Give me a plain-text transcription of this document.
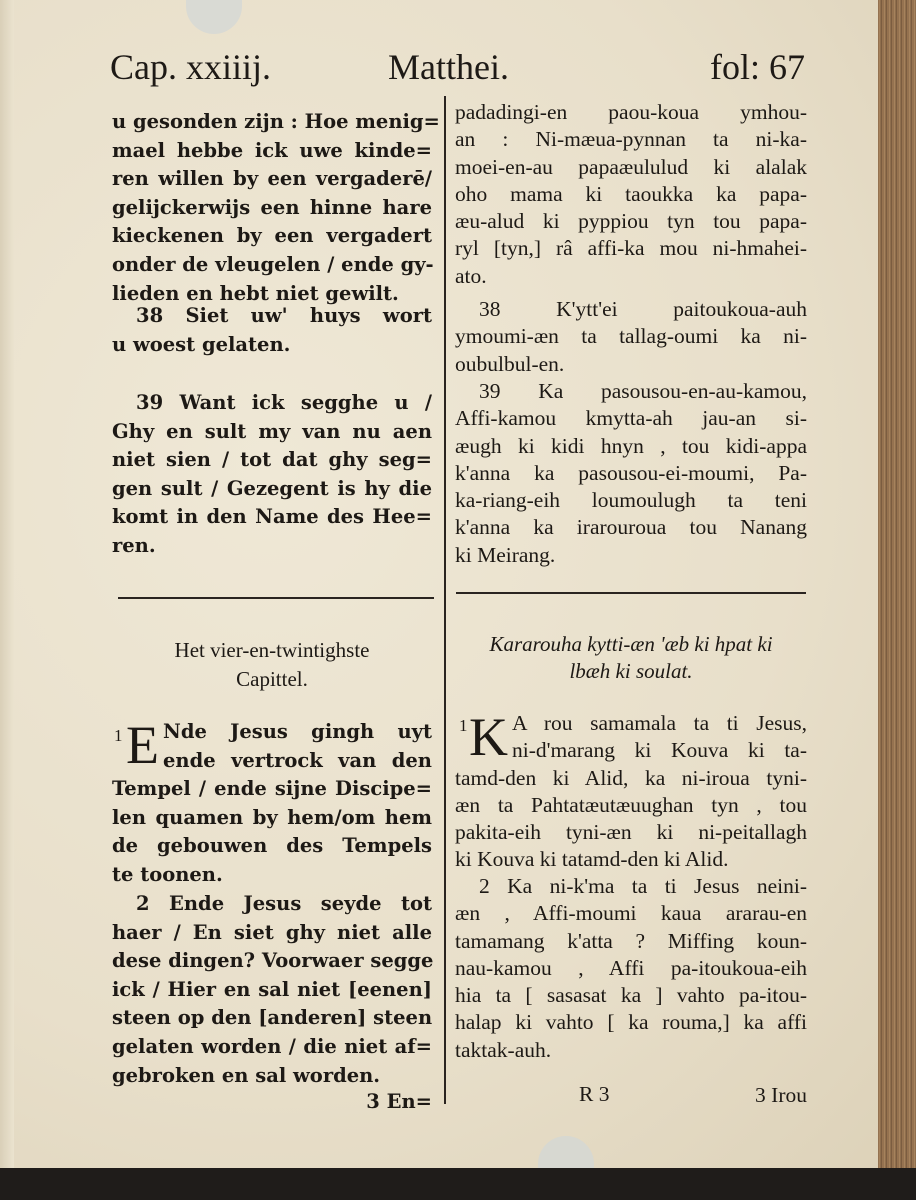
Cap. xxiiij.	Matthei.	fol: 67
u gesonden zijn : Hoe menig=
mael hebbe ick uwe kinde=
ren willen by een vergaderē/
gelijckerwijs een hinne hare
kieckenen by een vergadert
onder de vleugelen / ende gy-
lieden en hebt niet gewilt.
38 Siet uw' huys wort
u woest gelaten.
39 Want ick segghe u /
Ghy en sult my van nu aen
niet sien / tot dat ghy seg=
gen sult / Gezegent is hy die
komt in den Name des Hee=
ren.
Het vier-en-twintighste
Capittel.
1 E Nde Jesus gingh uyt
ende vertrock van den
Tempel / ende sijne Discipe=
len quamen by hem/om hem
de gebouwen des Tempels
te toonen.
2 Ende Jesus seyde tot
haer / En siet ghy niet alle
dese dingen? Voorwaer segge
ick / Hier en sal niet [eenen]
steen op den [anderen] steen
gelaten worden / die niet af=
gebroken en sal worden.
3 En=
padadingi-en paou-koua ymhou-
an : Ni-mæua-pynnan ta ni-ka-
moei-en-au papaæululud ki alalak
oho mama ki taoukka ka papa-
æu-alud ki pyppiou tyn tou papa-
ryl [tyn,] râ affi-ka mou ni-hmahei-
ato.
38 K'ytt'ei paitoukoua-auh
ymoumi-æn ta tallag-oumi ka ni-
oubulbul-en.
39 Ka pasousou-en-au-kamou,
Affi-kamou kmytta-ah jau-an si-
æugh ki kidi hnyn , tou kidi-appa
k'anna ka pasousou-ei-moumi, Pa-
ka-riang-eih loumoulugh ta teni
k'anna ka irarouroua tou Nanang
ki Meirang.
Kararouha kytti-æn 'æb ki hpat ki
lbæh ki soulat.
1 K A rou samamala ta ti Jesus,
ni-d'marang ki Kouva ki ta-
tamd-den ki Alid, ka ni-iroua tyni-
æn ta Pahtatæutæuughan tyn , tou
pakita-eih tyni-æn ki ni-peitallagh
ki Kouva ki tatamd-den ki Alid.
2 Ka ni-k'ma ta ti Jesus neini-
æn , Affi-moumi kaua ararau-en
tamamang k'atta ? Miffing koun-
nau-kamou , Affi pa-itoukoua-eih
hia ta [ sasasat ka ] vahto pa-itou-
halap ki vahto [ ka rouma,] ka affi
taktak-auh.
R 3	3 Irou
